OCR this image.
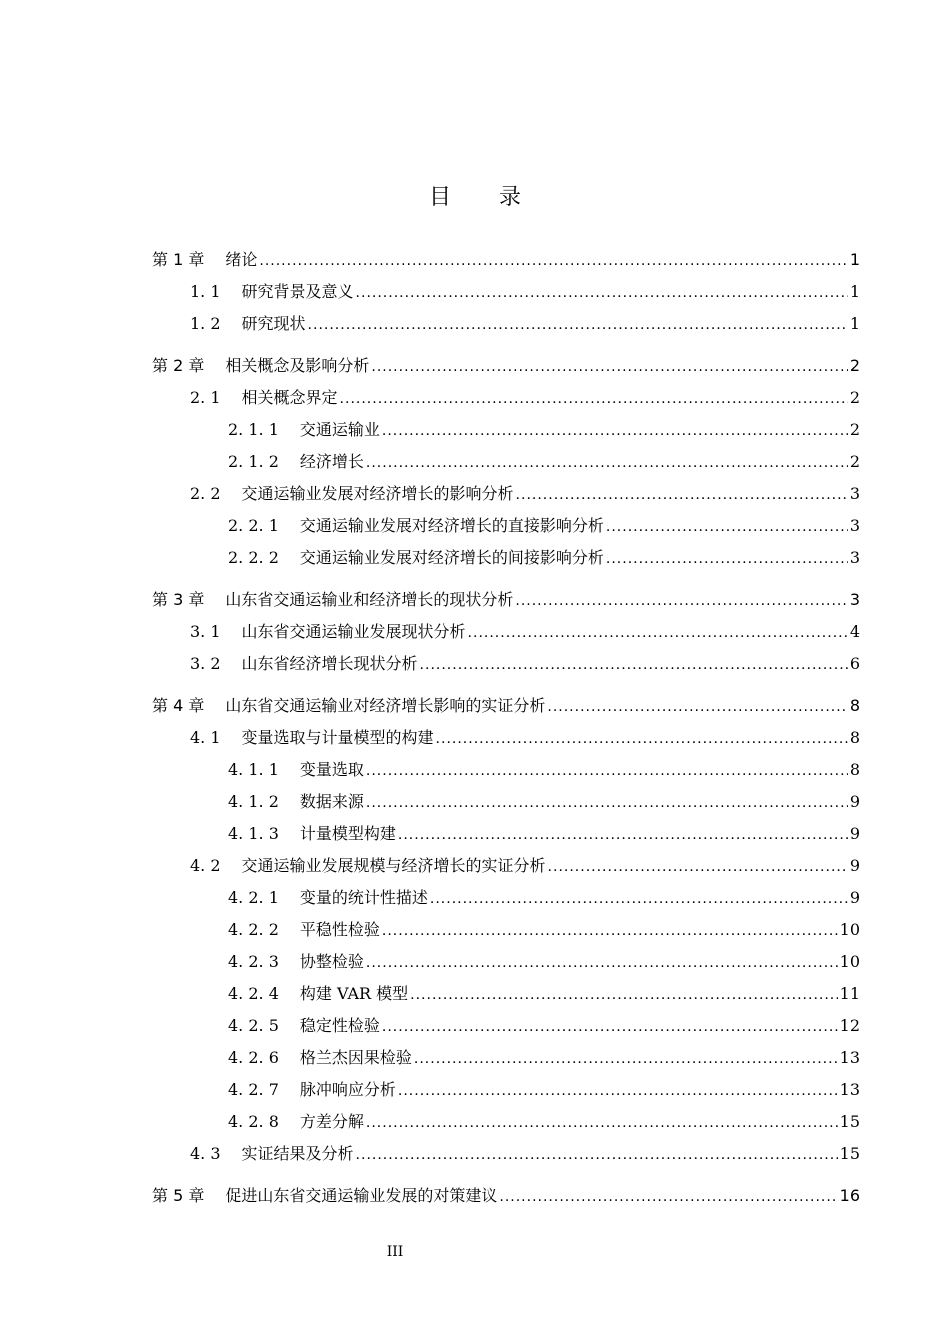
目 录
第 1 章 绪论 .....	1
1. 1 研究背景及意义 .....	1
1. 2 研究现状 .....	1
第 2 章 相关概念及影响分析 .....	2
2. 1 相关概念界定 .....	2
2. 1. 1 交通运输业 .....	2
2. 1. 2 经济增长 .....	2
2. 2 交通运输业发展对经济增长的影响分析 .....	3
2. 2. 1 交通运输业发展对经济增长的直接影响分析 .....	3
2. 2. 2 交通运输业发展对经济增长的间接影响分析 .....	3
第 3 章 山东省交通运输业和经济增长的现状分析 .....	3
3. 1 山东省交通运输业发展现状分析 .....	4
3. 2 山东省经济增长现状分析 .....	6
第 4 章 山东省交通运输业对经济增长影响的实证分析 .....	8
4. 1 变量选取与计量模型的构建 .....	8
4. 1. 1 变量选取 .....	8
4. 1. 2 数据来源 .....	9
4. 1. 3 计量模型构建 .....	9
4. 2 交通运输业发展规模与经济增长的实证分析 .....	9
4. 2. 1 变量的统计性描述 .....	9
4. 2. 2 平稳性检验 .....	10
4. 2. 3 协整检验 .....	10
4. 2. 4 构建 VAR 模型 .....	11
4. 2. 5 稳定性检验 .....	12
4. 2. 6 格兰杰因果检验 .....	13
4. 2. 7 脉冲响应分析 .....	13
4. 2. 8 方差分解 .....	15
4. 3 实证结果及分析 .....	15
第 5 章 促进山东省交通运输业发展的对策建议 .....	16
III
